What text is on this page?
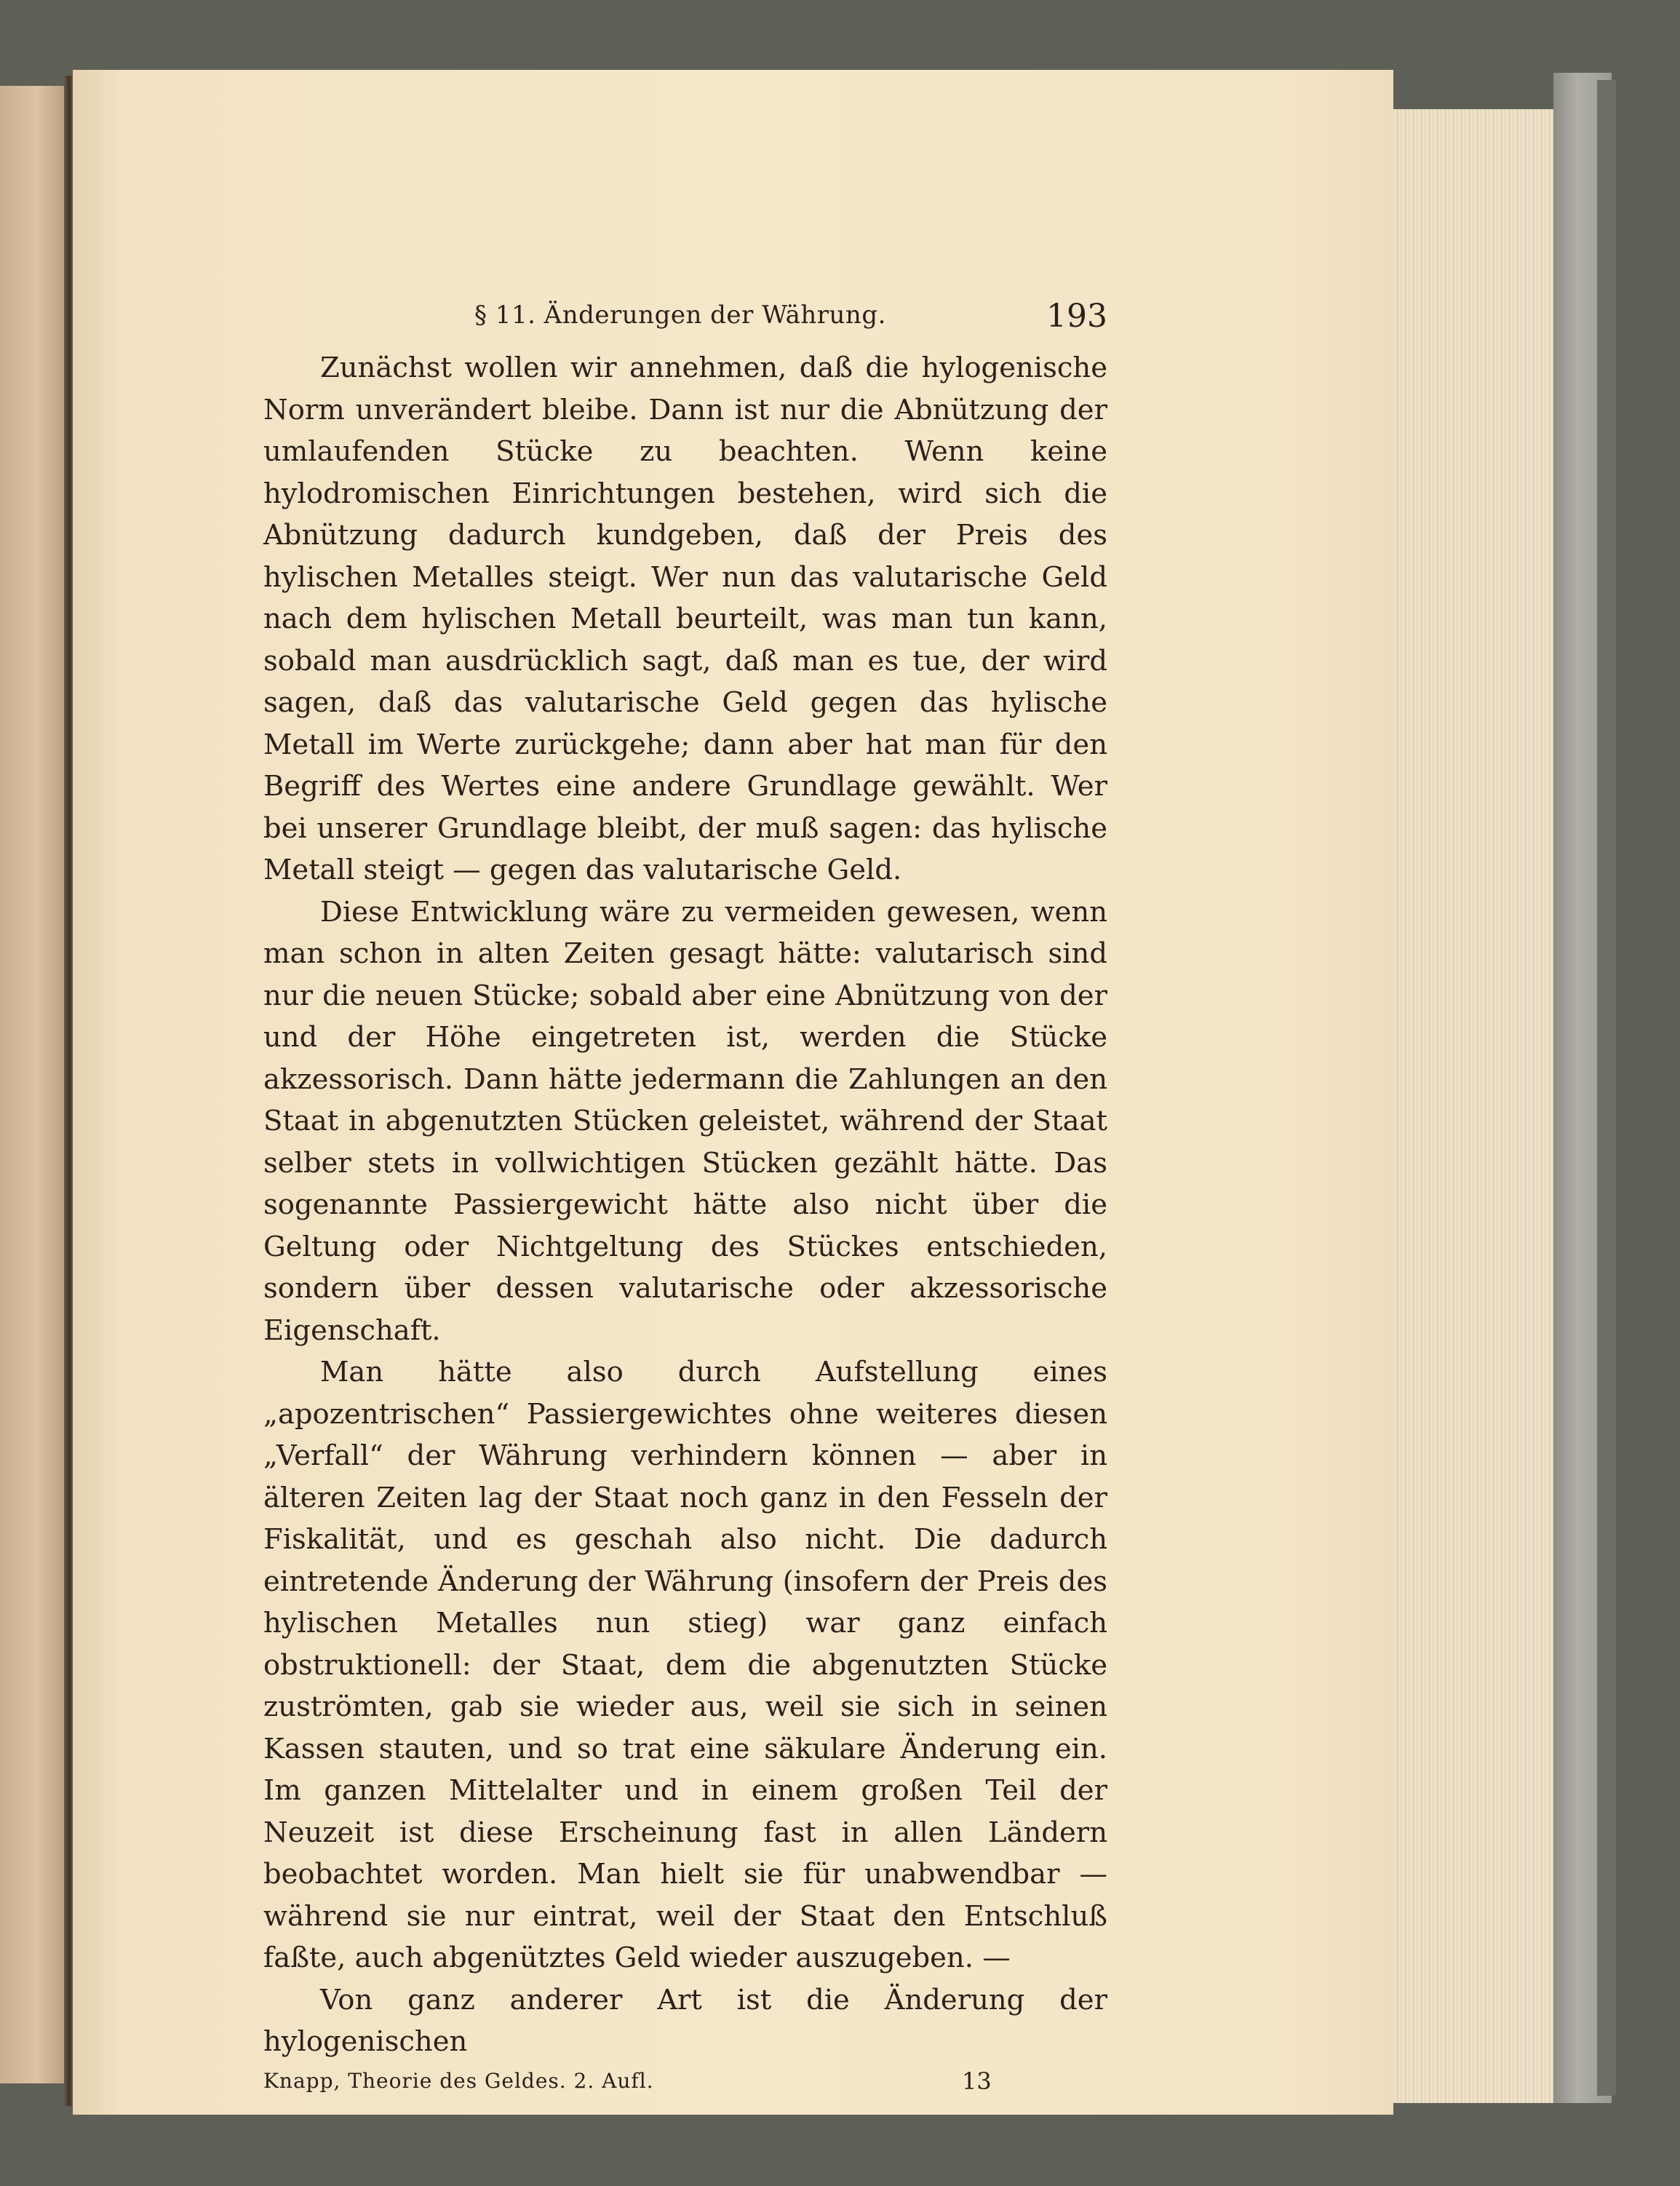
§ 11. Änderungen der Währung.	193

Zunächst wollen wir annehmen, daß die hylogenische Norm unverändert bleibe. Dann ist nur die Abnützung der umlaufenden Stücke zu beachten. Wenn keine hylodromischen Einrichtungen bestehen, wird sich die Abnützung dadurch kundgeben, daß der Preis des hylischen Metalles steigt. Wer nun das valutarische Geld nach dem hylischen Metall beurteilt, was man tun kann, sobald man ausdrücklich sagt, daß man es tue, der wird sagen, daß das valutarische Geld gegen das hylische Metall im Werte zurückgehe; dann aber hat man für den Begriff des Wertes eine andere Grundlage gewählt. Wer bei unserer Grundlage bleibt, der muß sagen: das hylische Metall steigt — gegen das valutarische Geld.

Diese Entwicklung wäre zu vermeiden gewesen, wenn man schon in alten Zeiten gesagt hätte: valutarisch sind nur die neuen Stücke; sobald aber eine Abnützung von der und der Höhe eingetreten ist, werden die Stücke akzessorisch. Dann hätte jedermann die Zahlungen an den Staat in abgenutzten Stücken geleistet, während der Staat selber stets in vollwichtigen Stücken gezählt hätte. Das sogenannte Passiergewicht hätte also nicht über die Geltung oder Nichtgeltung des Stückes entschieden, sondern über dessen valutarische oder akzessorische Eigenschaft.

Man hätte also durch Aufstellung eines „apozentrischen“ Passiergewichtes ohne weiteres diesen „Verfall“ der Währung verhindern können — aber in älteren Zeiten lag der Staat noch ganz in den Fesseln der Fiskalität, und es geschah also nicht. Die dadurch eintretende Änderung der Währung (insofern der Preis des hylischen Metalles nun stieg) war ganz einfach obstruktionell: der Staat, dem die abgenutzten Stücke zuströmten, gab sie wieder aus, weil sie sich in seinen Kassen stauten, und so trat eine säkulare Änderung ein. Im ganzen Mittelalter und in einem großen Teil der Neuzeit ist diese Erscheinung fast in allen Ländern beobachtet worden. Man hielt sie für unabwendbar — während sie nur eintrat, weil der Staat den Entschluß faßte, auch abgenütztes Geld wieder auszugeben. —

Von ganz anderer Art ist die Änderung der hylogenischen

Knapp, Theorie des Geldes. 2. Aufl.	13
